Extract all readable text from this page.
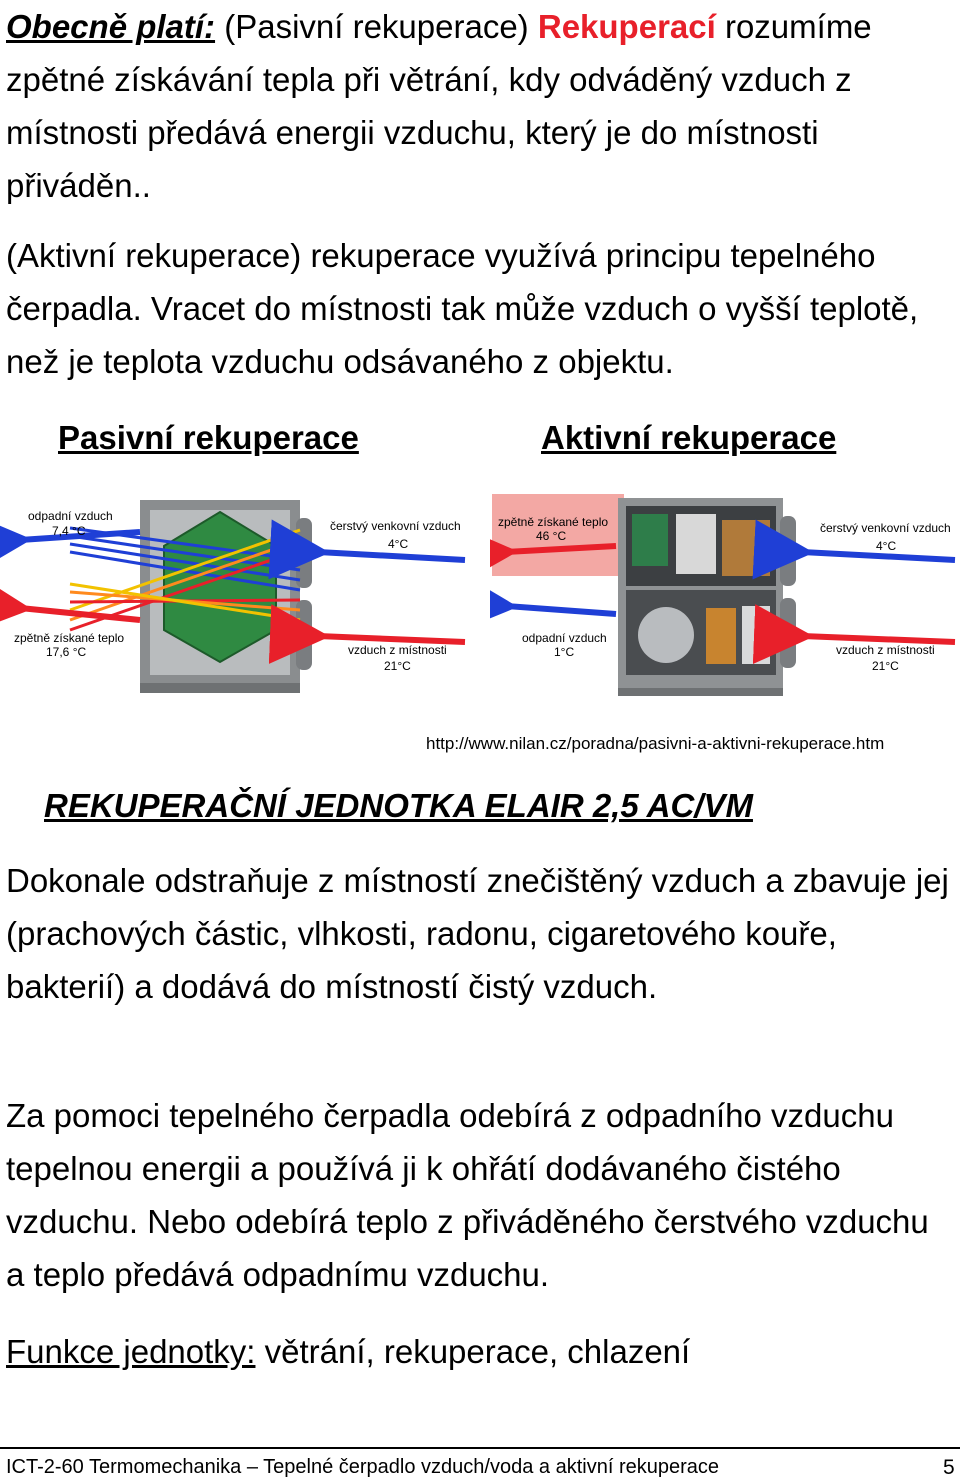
Obecně platí: (Pasivní rekuperace) Rekuperací rozumíme zpětné získávání tepla při větrání, kdy odváděný vzduch z místnosti předává energii vzduchu, který je do místnosti přiváděn..
(Aktivní rekuperace) rekuperace využívá principu tepelného čerpadla. Vracet do místnosti tak může vzduch o vyšší teplotě, než je teplota vzduchu odsávaného z objektu.
Pasivní rekuperace	Aktivní rekuperace
odpadní vzduch
7,4 °C	čerstvý venkovní vzduch
4°C
zpětně získané teplo
17,6 °C	vzduch z místnosti
21°C
zpětně získané teplo
46 °C
čerstvý venkovní vzduch
4°C
odpadní vzduch
1°C	vzduch z místnosti
21°C
http://www.nilan.cz/poradna/pasivni-a-aktivni-rekuperace.htm
REKUPERAČNÍ JEDNOTKA ELAIR 2,5 AC/VM
Dokonale odstraňuje z místností znečištěný vzduch a zbavuje jej (prachových částic, vlhkosti, radonu, cigaretového kouře, bakterií) a dodává do místností čistý vzduch.
Za pomoci tepelného čerpadla odebírá z odpadního vzduchu tepelnou energii a používá ji k ohřátí dodávaného čistého vzduchu. Nebo odebírá teplo z přiváděného čerstvého vzduchu a teplo předává odpadnímu vzduchu.
Funkce jednotky: větrání, rekuperace, chlazení
ICT-2-60 Termomechanika – Tepelné čerpadlo vzduch/voda a aktivní rekuperace	5
